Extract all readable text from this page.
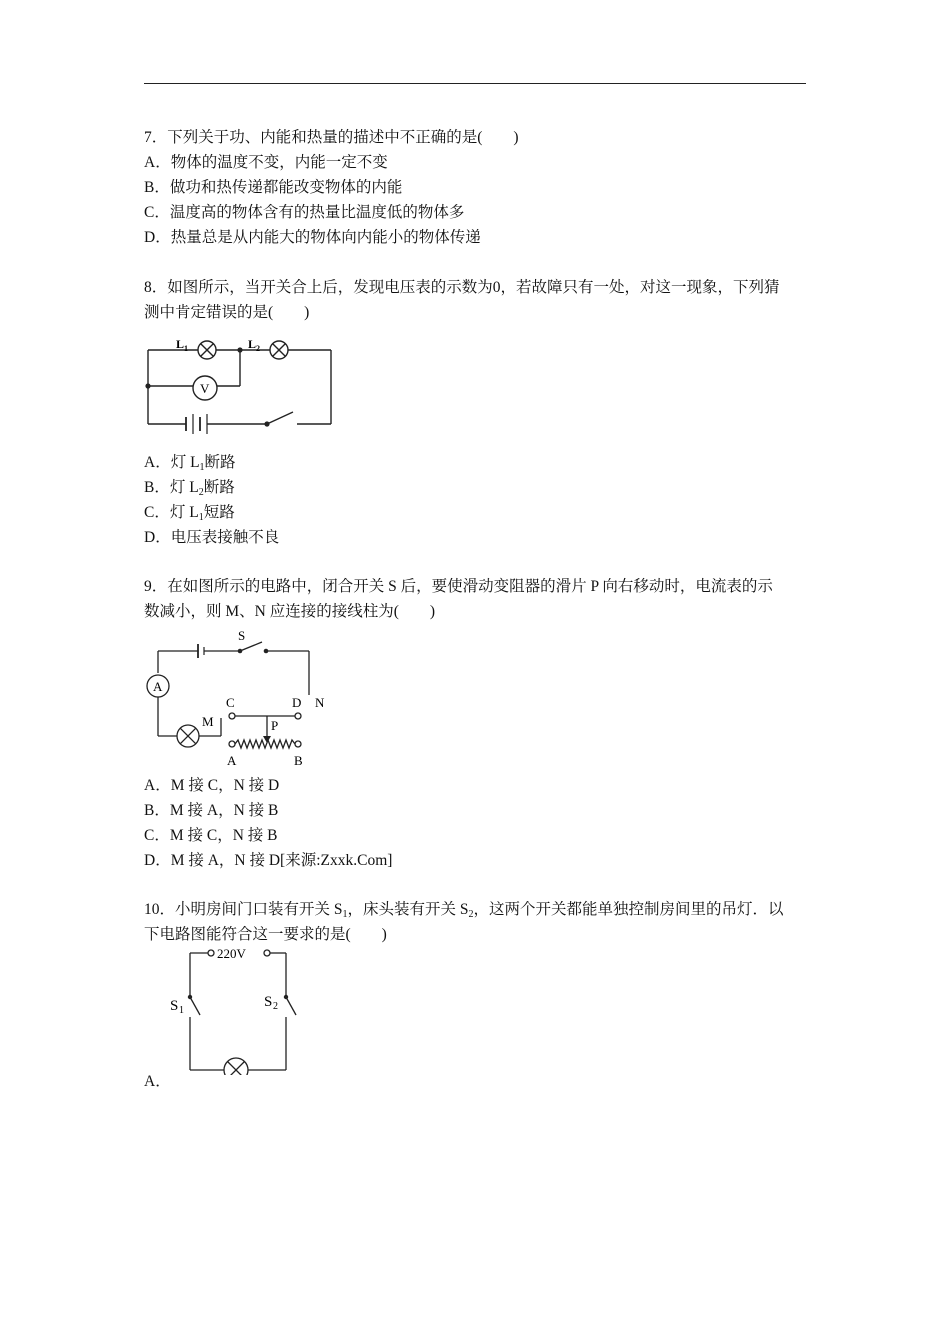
7．下列关于功、内能和热量的描述中不正确的是(　　)
A．物体的温度不变，内能一定不变
B．做功和热传递都能改变物体的内能
C．温度高的物体含有的热量比温度低的物体多
D．热量总是从内能大的物体向内能小的物体传递
8．如图所示，当开关合上后，发现电压表的示数为0，若故障只有一处，对这一现象，下列猜
测中肯定错误的是(　　)
L 1	L 2
V
A．灯 $L_1$断路
B．灯 $L_2$断路
C．灯 $L_1$短路
D．电压表接触不良
9．在如图所示的电路中，闭合开关 S 后，要使滑动变阻器的滑片 P 向右移动时，电流表的示
数减小，则 M、N 应连接的接线柱为(　　)
S
A
M
C	D N
P
A	B
A．M 接 C，N 接 D
B．M 接 A，N 接 B
C．M 接 C，N 接 B
D．M 接 A，N 接 D[来源:Zxxk.Com]
10．小明房间门口装有开关 $S_1$，床头装有开关 $S_2$，这两个开关都能单独控制房间里的吊灯．以
下电路图能符合这一要求的是(　　)
220V
S 1
S 2
A．
